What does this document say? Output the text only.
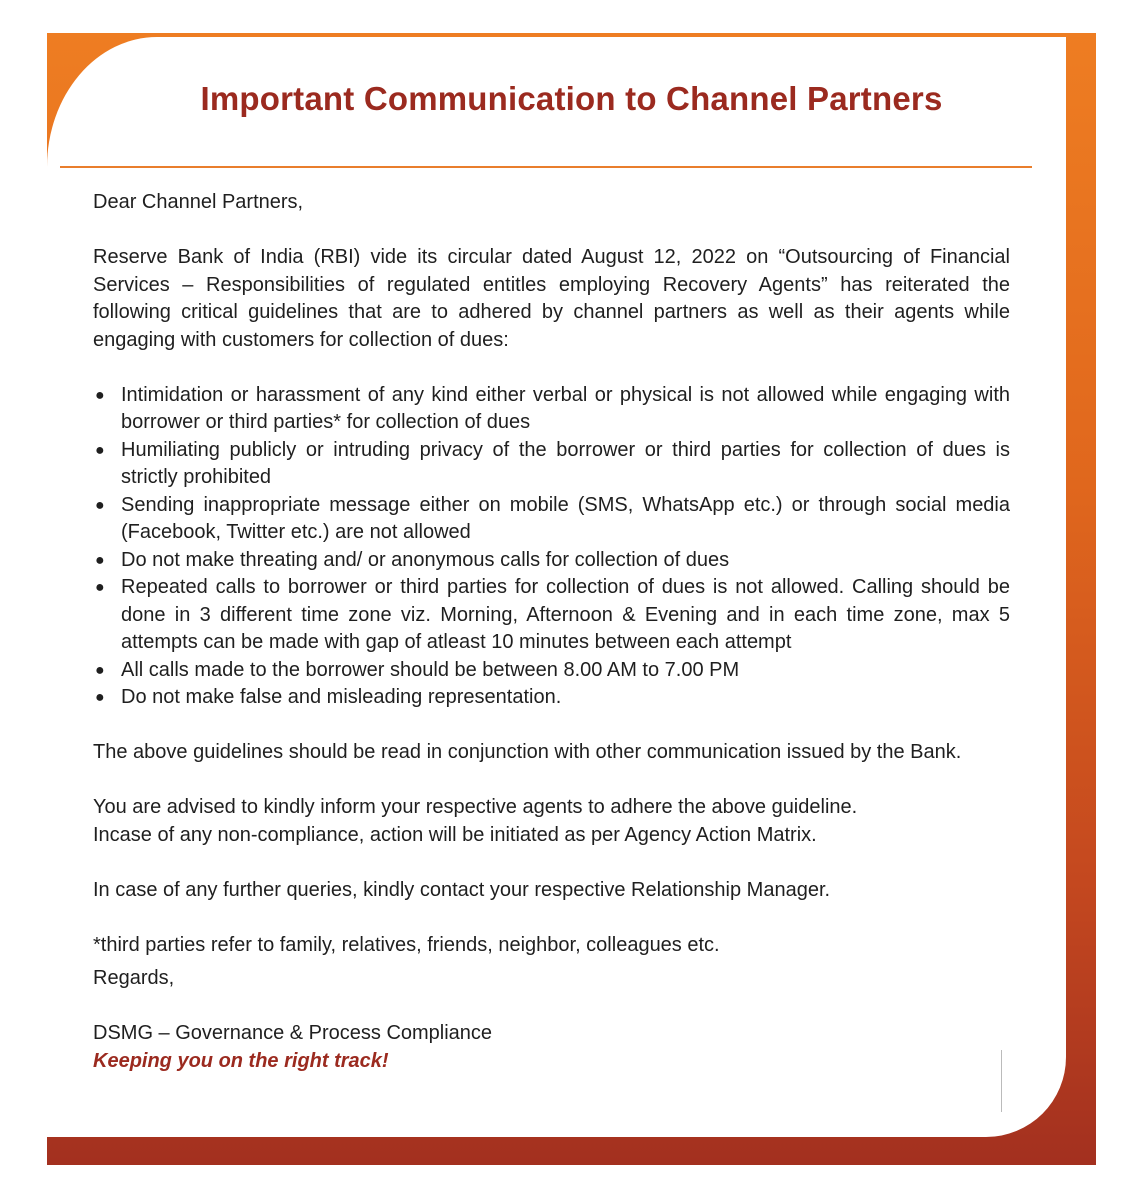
Important Communication to Channel Partners

Dear Channel Partners,

Reserve Bank of India (RBI) vide its circular dated August 12, 2022 on “Outsourcing of Financial Services – Responsibilities of regulated entitles employing Recovery Agents” has reiterated the following critical guidelines that are to adhered by channel partners as well as their agents while engaging with customers for collection of dues:

● Intimidation or harassment of any kind either verbal or physical is not allowed while engaging with borrower or third parties* for collection of dues
● Humiliating publicly or intruding privacy of the borrower or third parties for collection of dues is strictly prohibited
● Sending inappropriate message either on mobile (SMS, WhatsApp etc.) or through social media (Facebook, Twitter etc.) are not allowed
● Do not make threating and/ or anonymous calls for collection of dues
● Repeated calls to borrower or third parties for collection of dues is not allowed. Calling should be done in 3 different time zone viz. Morning, Afternoon & Evening and in each time zone, max 5 attempts can be made with gap of atleast 10 minutes between each attempt
● All calls made to the borrower should be between 8.00 AM to 7.00 PM
● Do not make false and misleading representation.

The above guidelines should be read in conjunction with other communication issued by the Bank.

You are advised to kindly inform your respective agents to adhere the above guideline.

Incase of any non-compliance, action will be initiated as per Agency Action Matrix.

In case of any further queries, kindly contact your respective Relationship Manager.

*third parties refer to family, relatives, friends, neighbor, colleagues etc.

Regards,

DSMG – Governance & Process Compliance

Keeping you on the right track!
